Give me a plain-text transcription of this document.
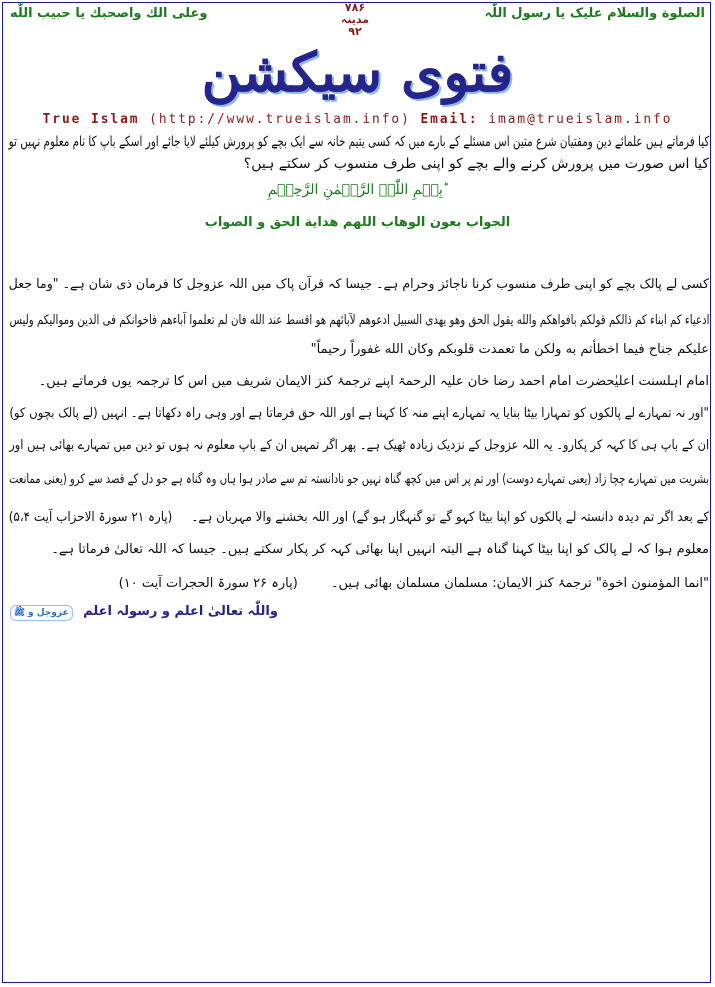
الصلوة والسلام علیک یا رسول اللّٰہ
وعلى الك واصحبك يا حبيب اللّٰه	۷۸۶
مدینہ
۹۲
فتوی سیکشن
True Islam (http://www.trueislam.info) Email: imam@trueislam.info
کیا فرماتے ہیں علمائے دین ومفتیان شرع متین اس مسئلے کے بارے میں کہ کسی یتیم خانہ سے ایک بچے کو پرورش کیلئے لایا جائے اور اسکے باپ کا نام معلوم نہیں تو
کیا اس صورت میں پرورش کرنے والے بچے کو اپنی طرف منسوب کر سکتے ہیں؟
بِسۡمِ اللّٰہِ الرَّحۡمٰنِ الرَّحِیۡمِ ؕ
الجواب بعون الوهاب اللهم هداية الحق و الصواب
کسی لے پالک بچے کو اپنی طرف منسوب کرنا ناجائز وحرام ہے۔ جیسا کہ قرآن پاک میں اللہ عزوجل کا فرمان ذی شان ہے۔ "وما جعل
ادعياء كم ابناء كم ذالكم قولكم بافواهكم والله يقول الحق وهو يهدی السبيل ادعوهم لآبائهم هو اقسط عند الله فان لم تعلموا آباءهم فاخوانكم فی الدين ومواليكم وليس
عليكم جناح فيما اخطأتم به ولكن ما تعمدت قلوبكم وكان الله غفوراً رحيماً"
امام اہلسنت اعلیٰحضرت امام احمد رضا خان علیہ الرحمۃ اپنے ترجمۂ کنز الایمان شریف میں اس کا ترجمہ یوں فرماتے ہیں۔
"اور نہ تمہارے لے پالکوں کو تمہارا بیٹا بنایا یہ تمہارے اپنے منہ کا کہنا ہے اور اللہ حق فرماتا ہے اور وہی راہ دکھاتا ہے۔ انہیں (لے پالک بچوں کو)
ان کے باپ ہی کا کہہ کر پکارو۔ یہ اللہ عزوجل کے نزدیک زیادہ ٹھیک ہے۔ پھر اگر تمہیں ان کے باپ معلوم نہ ہوں تو دین میں تمہارے بھائی ہیں اور
بشریت میں تمہارے چچا زاد (یعنی تمہارے دوست) اور تم پر اس میں کچھ گناہ نہیں جو نادانستہ تم سے صادر ہوا ہاں وہ گناہ ہے جو دل کے قصد سے کرو (یعنی ممانعت
کے بعد اگر تم دیدہ دانستہ لے پالکوں کو اپنا بیٹا کہو گے تو گنہگار ہو گے) اور اللہ بخشنے والا مہربان ہے۔     (پارہ ۲۱ سورۃ الاحزاب آیت ۵،۴)
معلوم ہوا کہ لے پالک کو اپنا بیٹا کہنا گناہ ہے البتہ انہیں اپنا بھائی کہہ کر پکار سکتے ہیں۔ جیسا کہ اللہ تعالیٰ فرماتا ہے۔
"انما المؤمنون اخوة" ترجمۂ کنز الایمان: مسلمان مسلمان بھائی ہیں۔        (پارہ ۲۶ سورۃ الحجرات آیت ۱۰)
واللّٰہ تعالیٰ اعلم و رسولہ اعلم عزوجل و ﷺ
